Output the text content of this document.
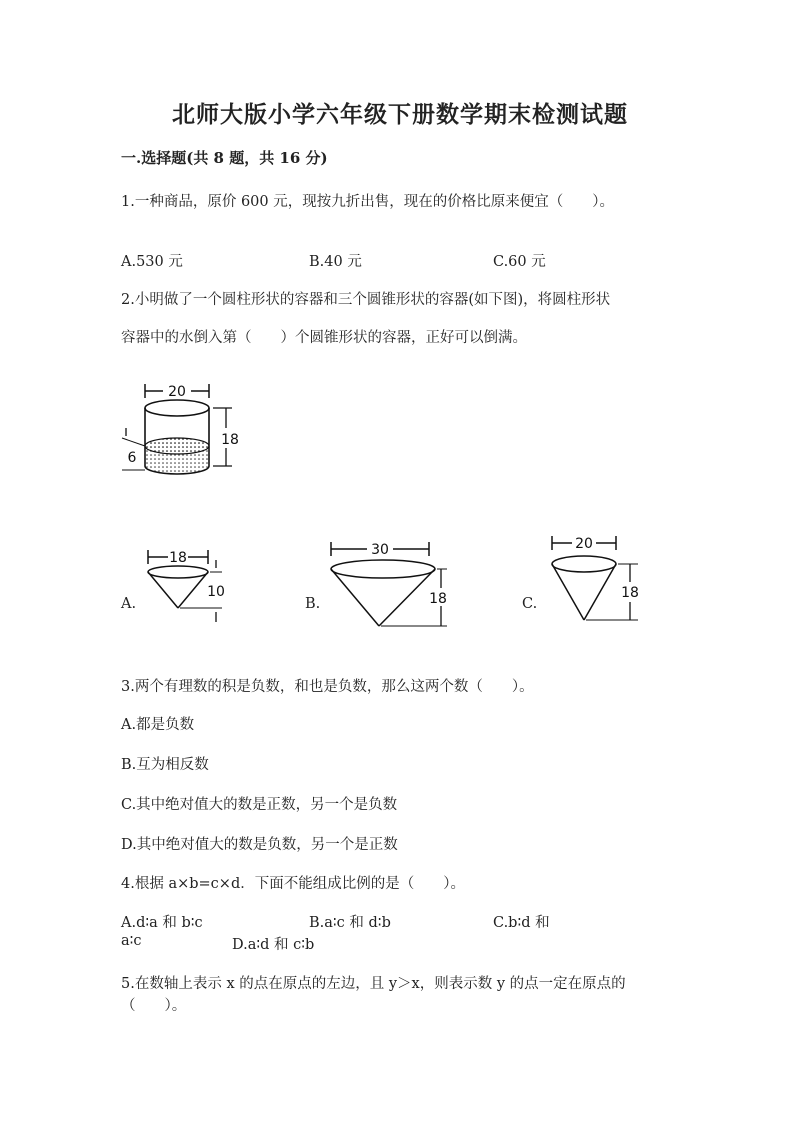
北师大版小学六年级下册数学期末检测试题
一.选择题(共 8 题，共 16 分)
1.一种商品，原价 600 元，现按九折出售，现在的价格比原来便宜（　　）。
A.530 元	B.40 元	C.60 元
2.小明做了一个圆柱形状的容器和三个圆锥形状的容器(如下图)，将圆柱形状
容器中的水倒入第（　　）个圆锥形状的容器，正好可以倒满。
20
18
6
A.
18
10
B.
30
18	C.
20
18
3.两个有理数的积是负数，和也是负数，那么这两个数（　　）。
A.都是负数
B.互为相反数
C.其中绝对值大的数是正数，另一个是负数
D.其中绝对值大的数是负数，另一个是正数
4.根据 a×b=c×d．下面不能组成比例的是（　　）。
A.d∶a 和 b∶c	B.a∶c 和 d∶b	C.b∶d 和
a∶c	D.a∶d 和 c∶b
5.在数轴上表示 x 的点在原点的左边，且 y＞x，则表示数 y 的点一定在原点的
（　　）。
